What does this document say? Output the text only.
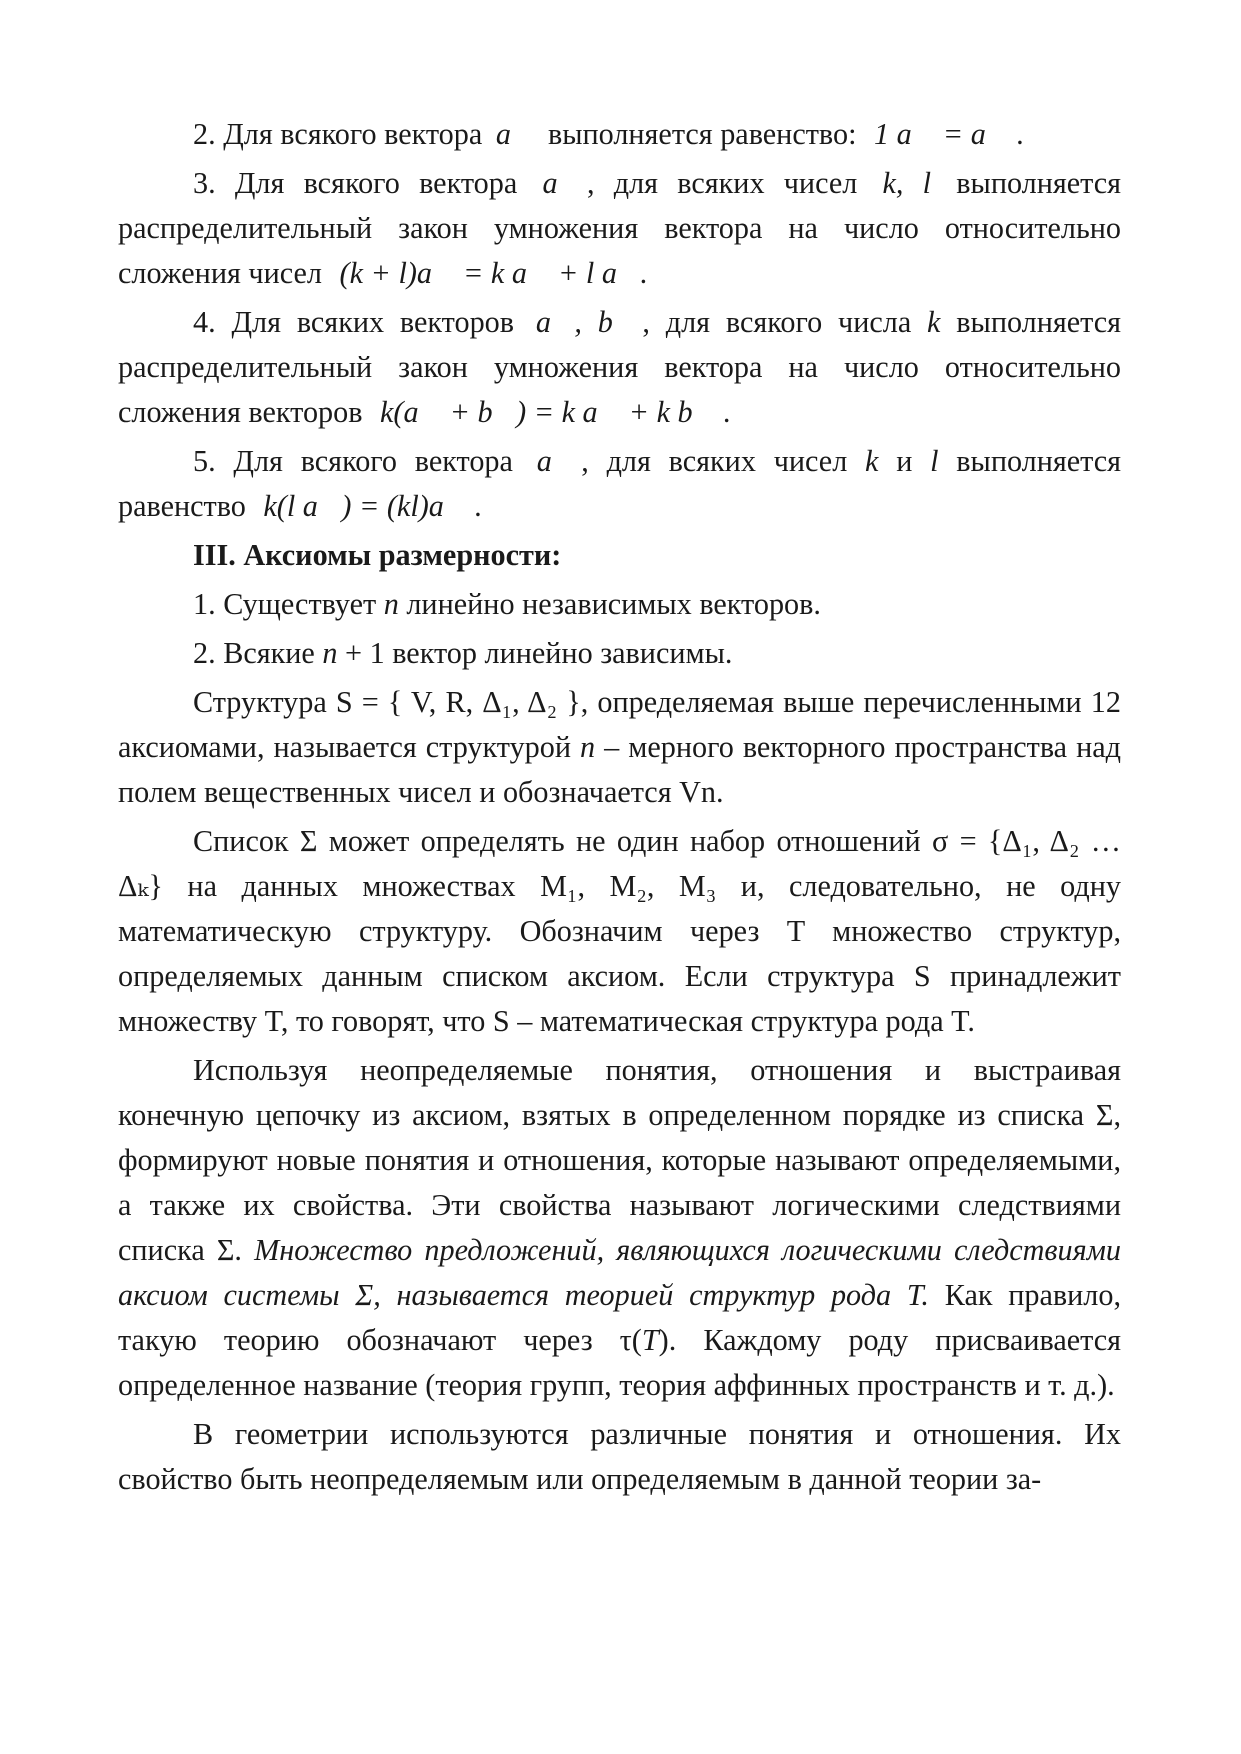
2. Для всякого вектора a⃗ выполняется равенство: 1 a⃗ = a⃗ .

3. Для всякого вектора a⃗ , для всяких чисел k, l выполняется распределительный закон умножения вектора на число относительно сложения чисел (k + l)a⃗ = k a⃗ + l a⃗.

4. Для всяких векторов a⃗, b⃗ , для всякого числа k выполняется распределительный закон умножения вектора на число относительно сложения векторов k(a⃗ + b⃗) = k a⃗ + k b⃗ .

5. Для всякого вектора a⃗ , для всяких чисел k и l выполняется равенство k(l a⃗) = (kl)a⃗ .

III. Аксиомы размерности:

1. Существует n линейно независимых векторов.

2. Всякие n + 1 вектор линейно зависимы.

Структура S = { V, R, Δ₁, Δ₂ }, определяемая выше перечисленными 12 аксиомами, называется структурой n – мерного векторного пространства над полем вещественных чисел и обозначается Vn.

Список Σ может определять не один набор отношений σ = {Δ₁, Δ₂ … Δₖ} на данных множествах M₁, M₂, M₃ и, следовательно, не одну математическую структуру. Обозначим через T множество структур, определяемых данным списком аксиом. Если структура S принадлежит множеству T, то говорят, что S – математическая структура рода T.

Используя неопределяемые понятия, отношения и выстраивая конечную цепочку из аксиом, взятых в определенном порядке из списка Σ, формируют новые понятия и отношения, которые называют определяемыми, а также их свойства. Эти свойства называют логическими следствиями списка Σ. Множество предложений, являющихся логическими следствиями аксиом системы Σ, называется теорией структур рода T. Как правило, такую теорию обозначают через τ(T). Каждому роду присваивается определенное название (теория групп, теория аффинных пространств и т. д.).

В геометрии используются различные понятия и отношения. Их свойство быть неопределяемым или определяемым в данной теории за-
